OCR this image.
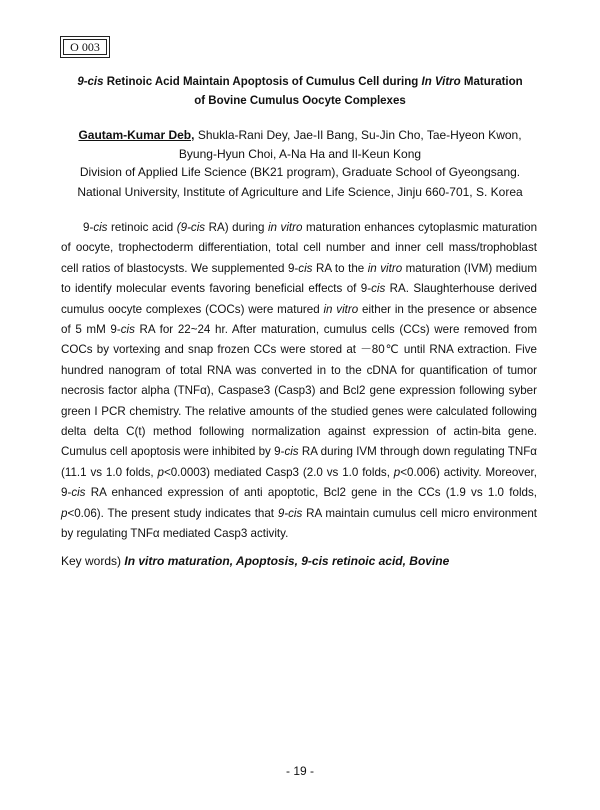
O 003
9-cis Retinoic Acid Maintain Apoptosis of Cumulus Cell during In Vitro Maturation
of Bovine Cumulus Oocyte Complexes
Gautam-Kumar Deb, Shukla-Rani Dey, Jae-Il Bang, Su-Jin Cho, Tae-Hyeon Kwon,
Byung-Hyun Choi, A-Na Ha and Il-Keun Kong
Division of Applied Life Science (BK21 program), Graduate School of Gyeongsang.
National University, Institute of Agriculture and Life Science, Jinju 660-701, S. Korea
9-cis retinoic acid (9-cis RA) during in vitro maturation enhances cytoplasmic maturation of oocyte, trophectoderm differentiation, total cell number and inner cell mass/trophoblast cell ratios of blastocysts. We supplemented 9-cis RA to the in vitro maturation (IVM) medium to identify molecular events favoring beneficial effects of 9-cis RA. Slaughterhouse derived cumulus oocyte complexes (COCs) were matured in vitro either in the presence or absence of 5 mM 9-cis RA for 22~24 hr. After maturation, cumulus cells (CCs) were removed from COCs by vortexing and snap frozen CCs were stored at －80℃ until RNA extraction. Five hundred nanogram of total RNA was converted in to the cDNA for quantification of tumor necrosis factor alpha (TNFα), Caspase3 (Casp3) and Bcl2 gene expression following syber green I PCR chemistry. The relative amounts of the studied genes were calculated following delta delta C(t) method following normalization against expression of actin-bita gene. Cumulus cell apoptosis were inhibited by 9-cis RA during IVM through down regulating TNFα (11.1 vs 1.0 folds, p<0.0003) mediated Casp3 (2.0 vs 1.0 folds, p<0.006) activity. Moreover, 9-cis RA enhanced expression of anti apoptotic, Bcl2 gene in the CCs (1.9 vs 1.0 folds, p<0.06). The present study indicates that 9-cis RA maintain cumulus cell micro environment by regulating TNFα mediated Casp3 activity.
Key words) In vitro maturation, Apoptosis, 9-cis retinoic acid, Bovine
- 19 -
